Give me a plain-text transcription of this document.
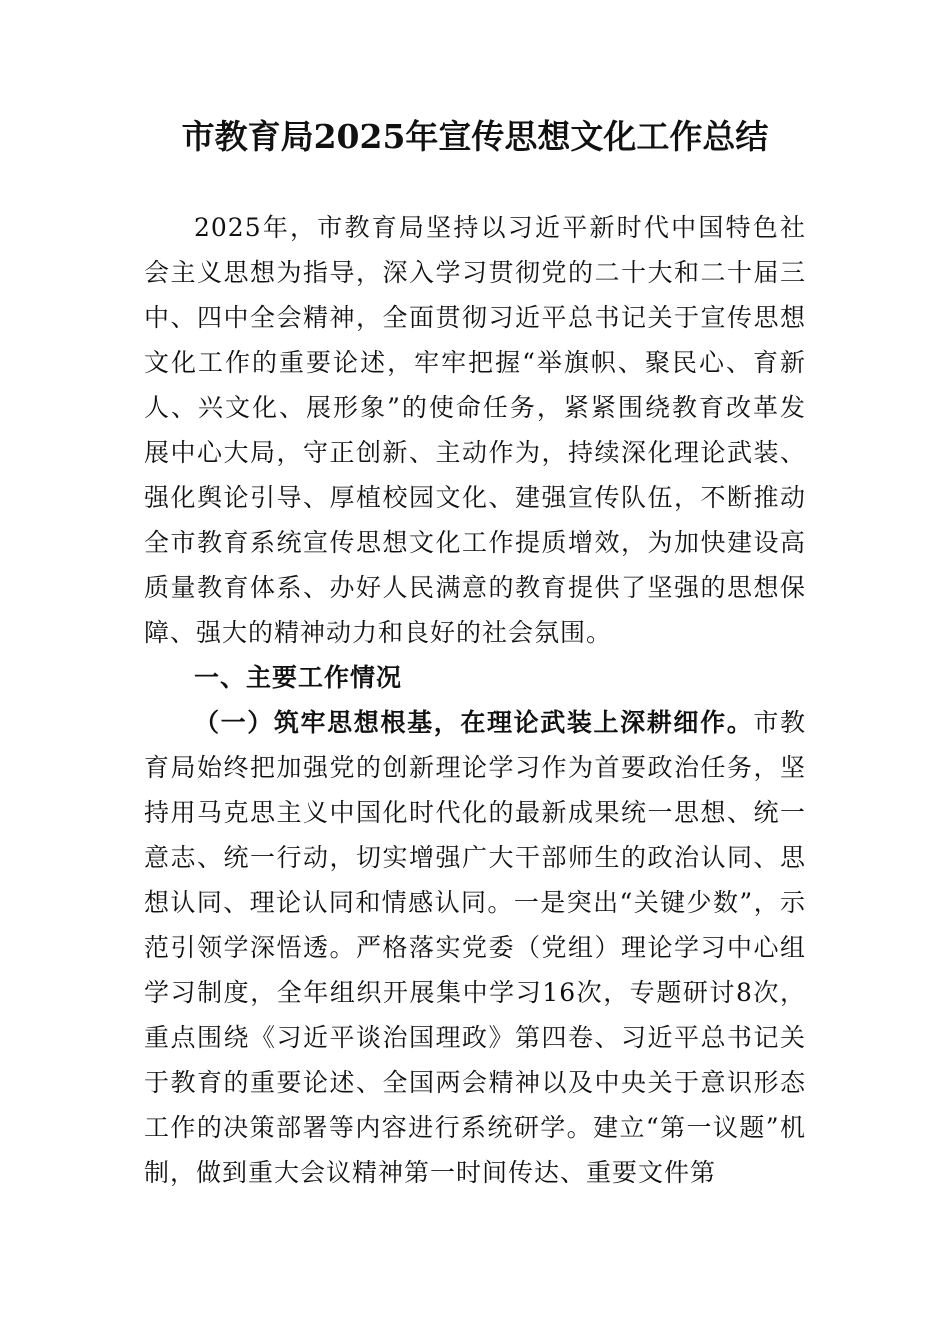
市教育局2025年宣传思想文化工作总结

2025年，市教育局坚持以习近平新时代中国特色社会主义思想为指导，深入学习贯彻党的二十大和二十届三中、四中全会精神，全面贯彻习近平总书记关于宣传思想文化工作的重要论述，牢牢把握“举旗帜、聚民心、育新人、兴文化、展形象”的使命任务，紧紧围绕教育改革发展中心大局，守正创新、主动作为，持续深化理论武装、强化舆论引导、厚植校园文化、建强宣传队伍，不断推动全市教育系统宣传思想文化工作提质增效，为加快建设高质量教育体系、办好人民满意的教育提供了坚强的思想保障、强大的精神动力和良好的社会氛围。

一、主要工作情况

（一）筑牢思想根基，在理论武装上深耕细作。市教育局始终把加强党的创新理论学习作为首要政治任务，坚持用马克思主义中国化时代化的最新成果统一思想、统一意志、统一行动，切实增强广大干部师生的政治认同、思想认同、理论认同和情感认同。一是突出“关键少数”，示范引领学深悟透。严格落实党委（党组）理论学习中心组学习制度，全年组织开展集中学习16次，专题研讨8次，重点围绕《习近平谈治国理政》第四卷、习近平总书记关于教育的重要论述、全国两会精神以及中央关于意识形态工作的决策部署等内容进行系统研学。建立“第一议题”机制，做到重大会议精神第一时间传达、重要文件第
